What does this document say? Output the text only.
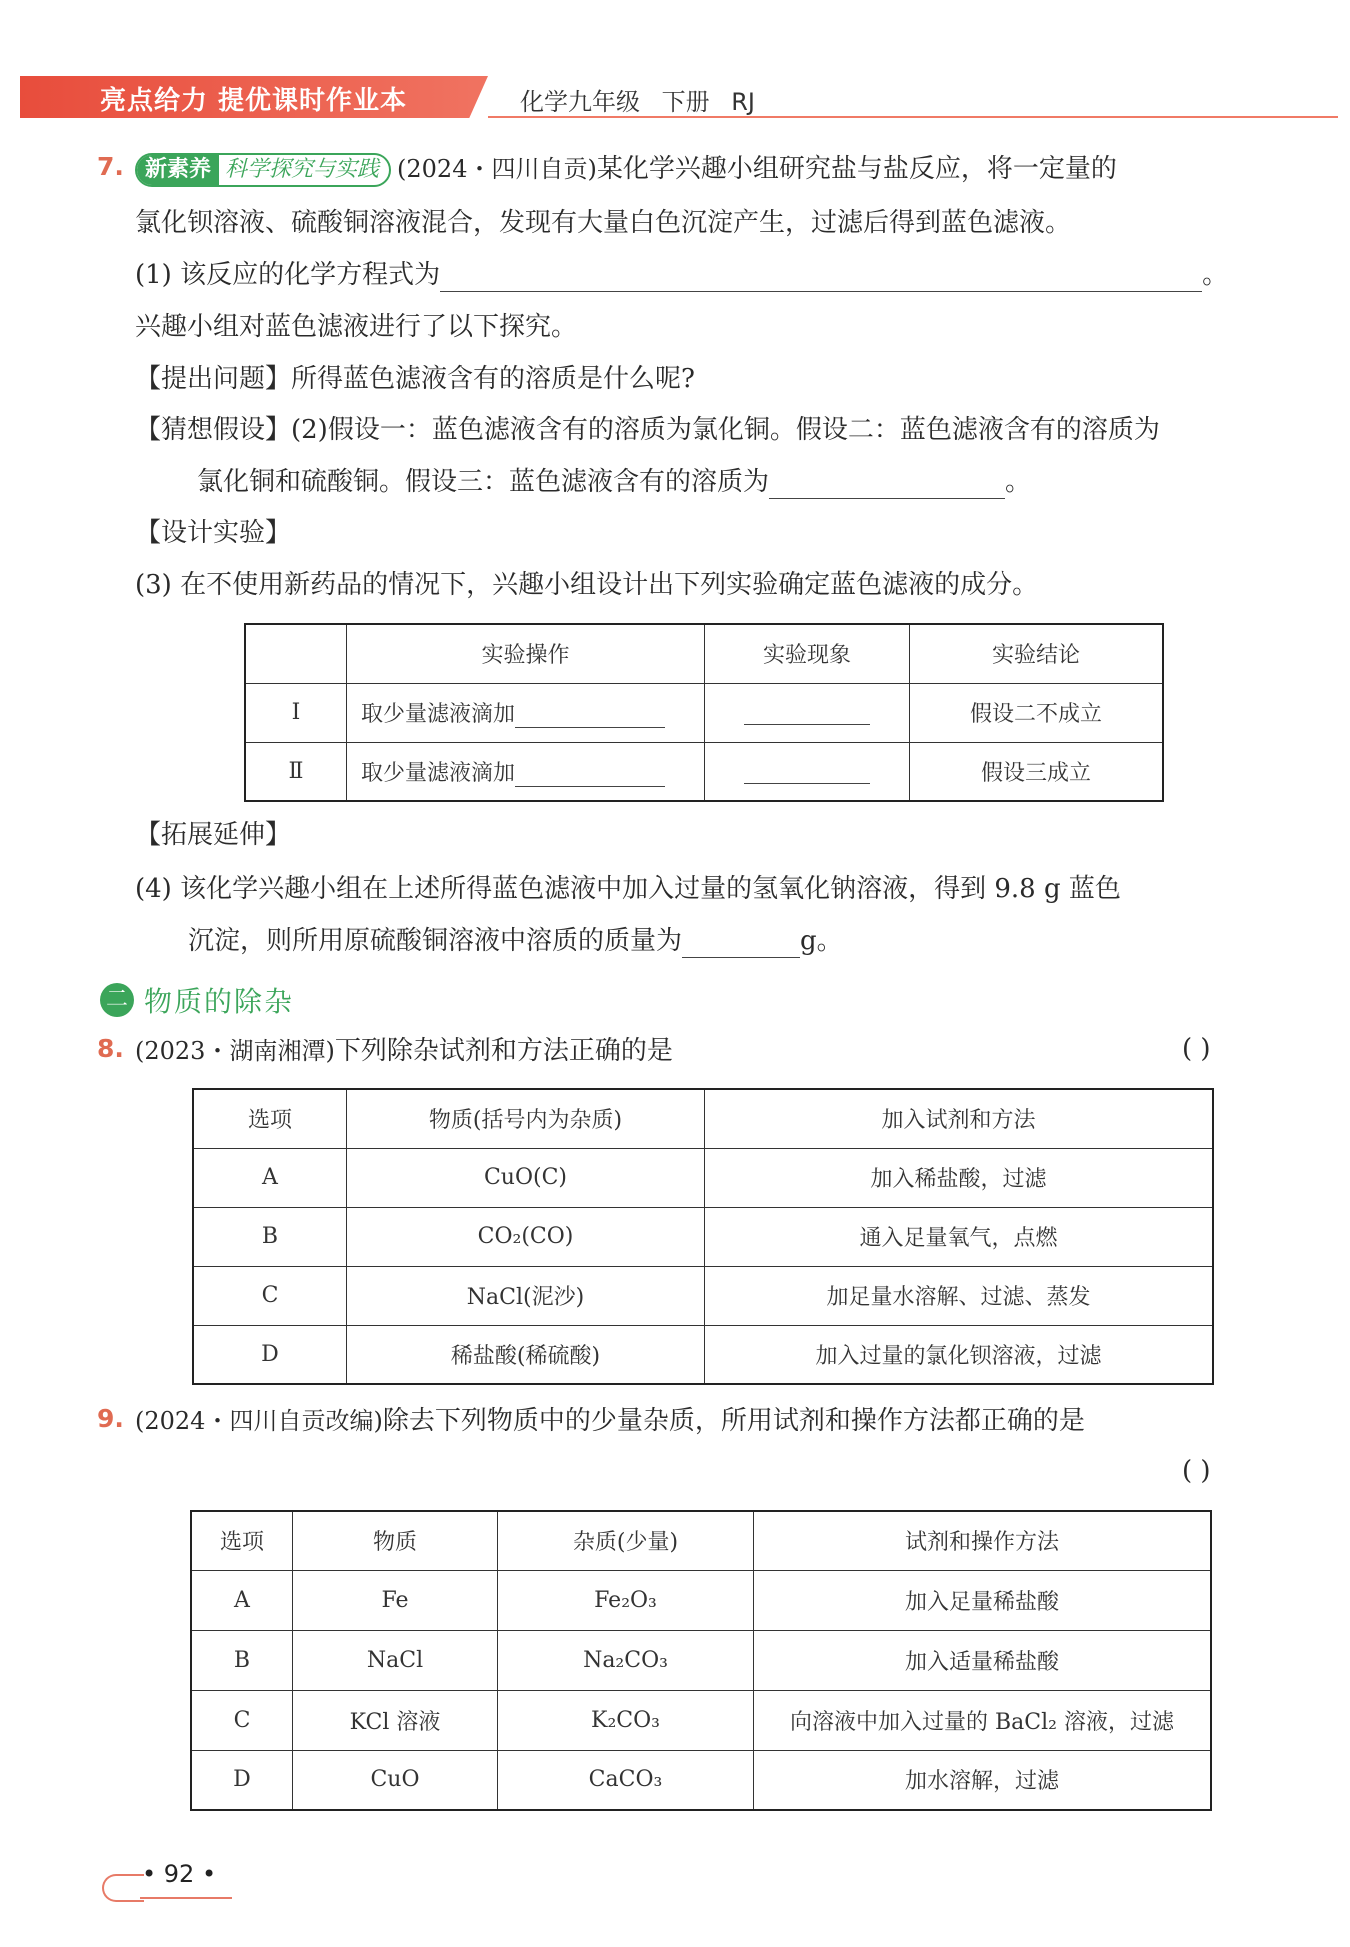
亮点给力 提优课时作业本	化学九年级 下册 RJ
7. 新素养 科学探究与实践 (2024・四川自贡)某化学兴趣小组研究盐与盐反应，将一定量的
氯化钡溶液、硫酸铜溶液混合，发现有大量白色沉淀产生，过滤后得到蓝色滤液。
(1) 该反应的化学方程式为	。
兴趣小组对蓝色滤液进行了以下探究。
【提出问题】所得蓝色滤液含有的溶质是什么呢?
【猜想假设】(2)假设一：蓝色滤液含有的溶质为氯化铜。假设二：蓝色滤液含有的溶质为
氯化铜和硫酸铜。假设三：蓝色滤液含有的溶质为	。
【设计实验】
(3) 在不使用新药品的情况下，兴趣小组设计出下列实验确定蓝色滤液的成分。
	实验操作	实验现象	实验结论
Ⅰ	取少量滤液滴加		假设二不成立
Ⅱ	取少量滤液滴加		假设三成立
【拓展延伸】
(4) 该化学兴趣小组在上述所得蓝色滤液中加入过量的氢氧化钠溶液，得到 9.8 g 蓝色
沉淀，则所用原硫酸铜溶液中溶质的质量为	g。
二 物质的除杂
8. (2023・湖南湘潭)下列除杂试剂和方法正确的是	( )
选项	物质(括号内为杂质)	加入试剂和方法
A	CuO(C)	加入稀盐酸，过滤
B	CO₂(CO)	通入足量氧气，点燃
C	NaCl(泥沙)	加足量水溶解、过滤、蒸发
D	稀盐酸(稀硫酸)	加入过量的氯化钡溶液，过滤
9. (2024・四川自贡改编)除去下列物质中的少量杂质，所用试剂和操作方法都正确的是
( )
选项	物质	杂质(少量)	试剂和操作方法
A	Fe	Fe₂O₃	加入足量稀盐酸
B	NaCl	Na₂CO₃	加入适量稀盐酸
C	KCl 溶液	K₂CO₃	向溶液中加入过量的 BaCl₂ 溶液，过滤
D	CuO	CaCO₃	加水溶解，过滤
• 92 •
